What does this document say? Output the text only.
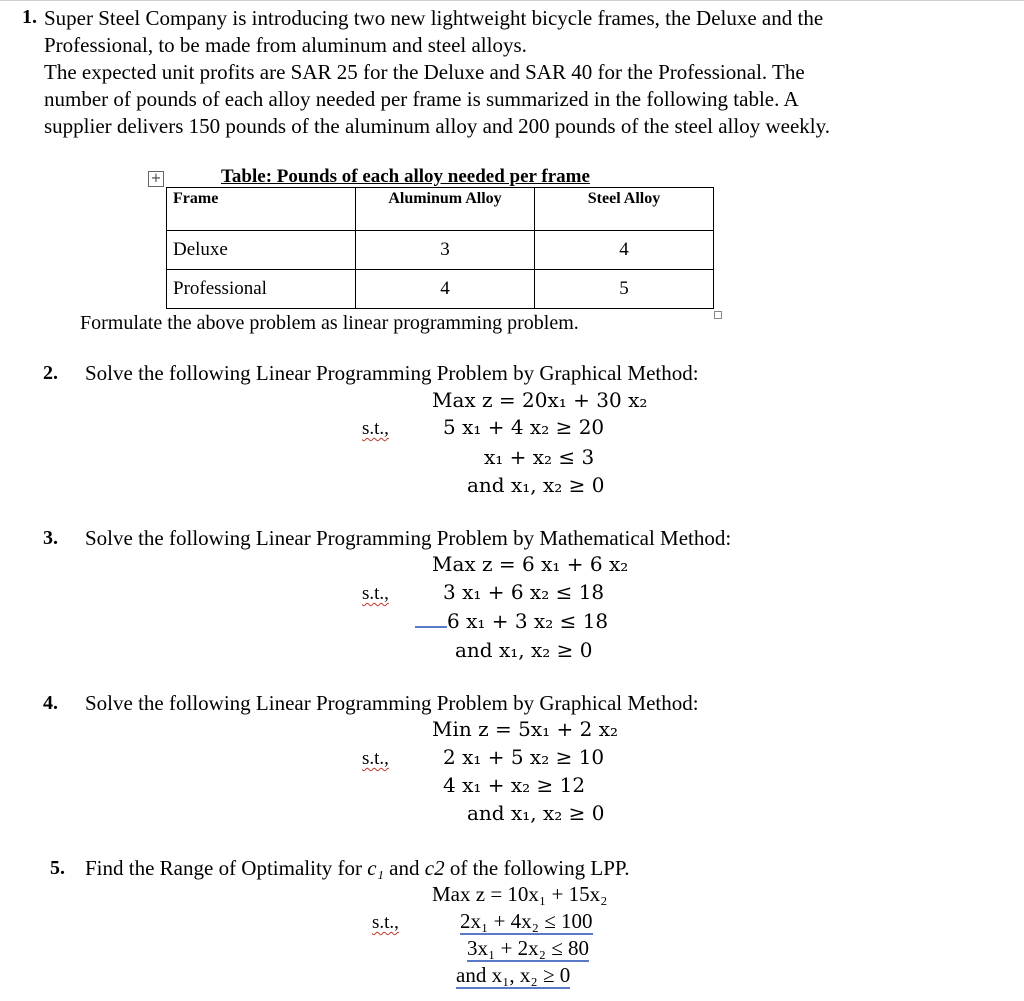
1. Super Steel Company is introducing two new lightweight bicycle frames, the Deluxe and the
Professional, to be made from aluminum and steel alloys.
The expected unit profits are SAR 25 for the Deluxe and SAR 40 for the Professional. The
number of pounds of each alloy needed per frame is summarized in the following table. A
supplier delivers 150 pounds of the aluminum alloy and 200 pounds of the steel alloy weekly.
+	Table: Pounds of each alloy needed per frame
Frame	Aluminum Alloy	Steel Alloy
Deluxe	3	4
Professional	4	5
Formulate the above problem as linear programming problem.
2. Solve the following Linear Programming Problem by Graphical Method:
Max z = 20x₁ + 30 x₂
s.t.,	5 x₁ + 4 x₂ ≥ 20
x₁ + x₂ ≤ 3
and x₁, x₂ ≥ 0
3. Solve the following Linear Programming Problem by Mathematical Method:
Max z = 6 x₁ + 6 x₂
s.t.,	3 x₁ + 6 x₂ ≤ 18
6 x₁ + 3 x₂ ≤ 18
and x₁, x₂ ≥ 0
4. Solve the following Linear Programming Problem by Graphical Method:
Min z = 5x₁ + 2 x₂
s.t.,	2 x₁ + 5 x₂ ≥ 10
4 x₁ + x₂ ≥ 12
and x₁, x₂ ≥ 0
5. Find the Range of Optimality for c₁ and c2 of the following LPP.
Max z = 10x₁ + 15x₂
s.t.,	2x₁ + 4x₂ ≤ 100
3x₁ + 2x₂ ≤ 80
and x₁, x₂ ≥ 0
